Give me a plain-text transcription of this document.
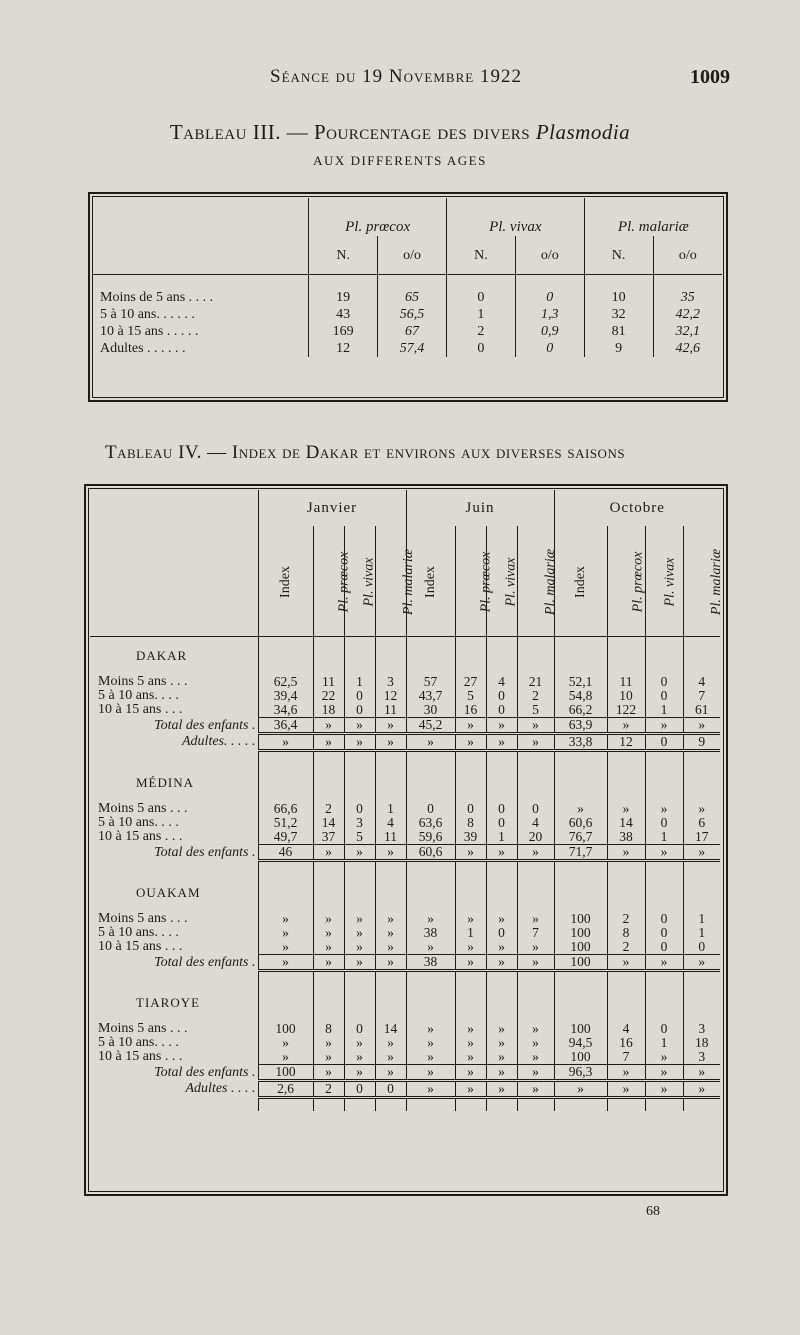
Séance du 19 Novembre 1922	1009
Tableau III. — Pourcentage des divers Plasmodia
AUX DIFFERENTS AGES
	Pl. prœcox		Pl. vivax		Pl. malariæ	
	N.	o/o	N.	o/o	N.	o/o
Moins de 5 ans . . . .	19	65	0	0	10	35
5 à 10 ans. . . . . .	43	56,5	1	1,3	32	42,2
10 à 15 ans . . . . .	169	67	2	0,9	81	32,1
Adultes . . . . . .	12	57,4	0	0	9	42,6
Tableau IV. — Index de Dakar et environs aux diverses saisons
	Janvier				Juin				Octobre			
	Index	Pl. prœcox	Pl. vivax	Pl. malariæ	Index	Pl. prœcox	Pl. vivax	Pl. malariæ	Index	Pl. prœcox	Pl. vivax	Pl. malariæ
DAKAR												

Moins 5 ans . . .	62,5	11	1	3	57	27	4	21	52,1	11	0	4
5 à 10 ans. . . .	39,4	22	0	12	43,7	5	0	2	54,8	10	0	7
10 à 15 ans . . .	34,6	18	0	11	30	16	0	5	66,2	122	1	61
Total des enfants .	36,4	»	»	»	45,2	»	»	»	63,9	»	»	»
Adultes. . . . .	»	»	»	»	»	»	»	»	33,8	12	0	9

MÉDINA												

Moins 5 ans . . .	66,6	2	0	1	0	0	0	0	»	»	»	»
5 à 10 ans. . . .	51,2	14	3	4	63,6	8	0	4	60,6	14	0	6
10 à 15 ans . . .	49,7	37	5	11	59,6	39	1	20	76,7	38	1	17
Total des enfants .	46	»	»	»	60,6	»	»	»	71,7	»	»	»

OUAKAM												

Moins 5 ans . . .	»	»	»	»	»	»	»	»	100	2	0	1
5 à 10 ans. . . .	»	»	»	»	38	1	0	7	100	8	0	1
10 à 15 ans . . .	»	»	»	»	»	»	»	»	100	2	0	0
Total des enfants .	»	»	»	»	38	»	»	»	100	»	»	»

TIAROYE												

Moins 5 ans . . .	100	8	0	14	»	»	»	»	100	4	0	3
5 à 10 ans. . . .	»	»	»	»	»	»	»	»	94,5	16	1	18
10 à 15 ans . . .	»	»	»	»	»	»	»	»	100	7	»	3
Total des enfants .	100	»	»	»	»	»	»	»	96,3	»	»	»
Adultes . . . .	2,6	2	0	0	»	»	»	»	»	»	»	»

68
